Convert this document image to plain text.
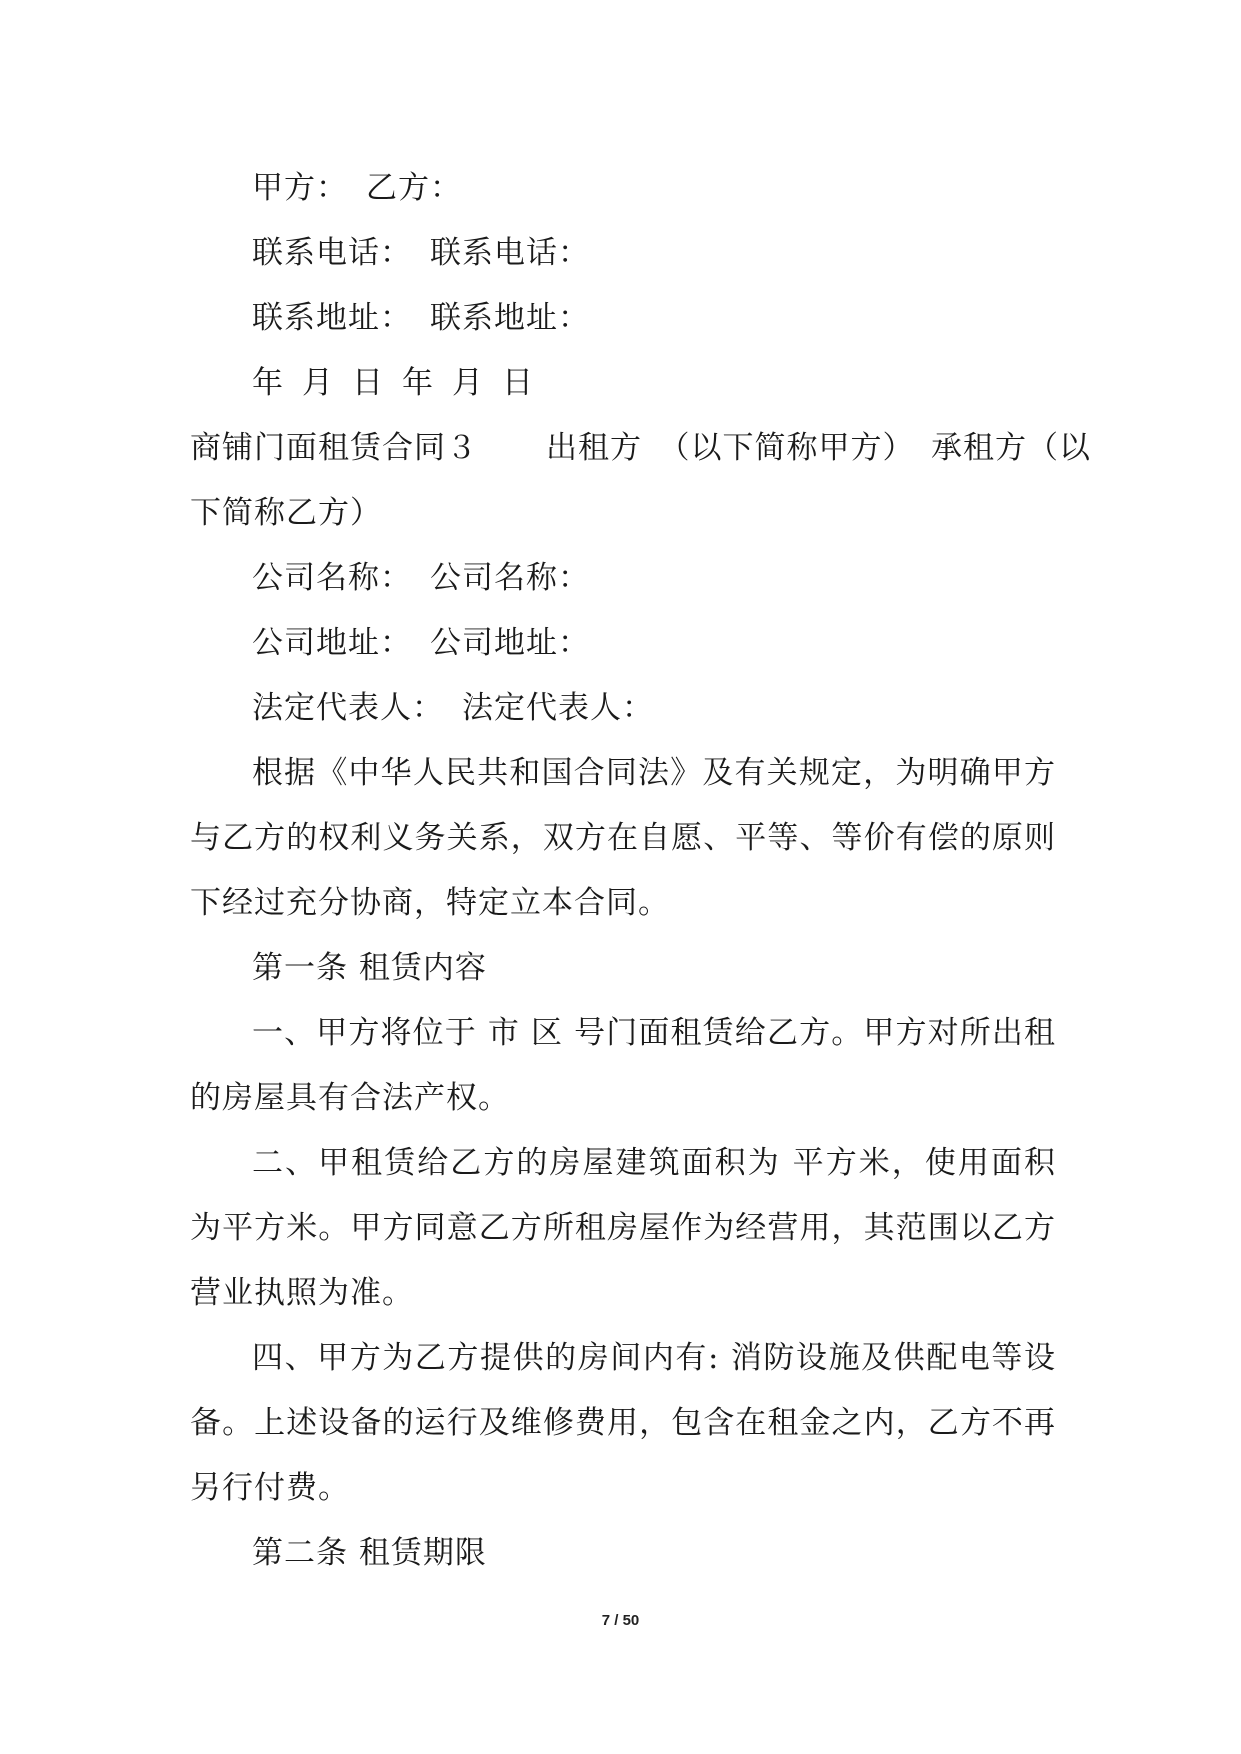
甲方： 乙方：
联系电话： 联系电话：
联系地址： 联系地址：
年 月 日 年 月 日
商铺门面租赁合同３ 出租方　（以下简称甲方）　承租方（以
下简称乙方）
公司名称： 公司名称：
公司地址： 公司地址：
法定代表人： 法定代表人：
根据《中华人民共和国合同法》及有关规定，为明确甲方与乙方的权利义务关系，双方在自愿、平等、等价有偿的原则下经过充分协商，特定立本合同。
第一条 租赁内容
一、甲方将位于 市 区 号门面租赁给乙方。甲方对所出租的房屋具有合法产权。
二、甲租赁给乙方的房屋建筑面积为 平方米，使用面积为平方米。甲方同意乙方所租房屋作为经营用，其范围以乙方营业执照为准。
四、甲方为乙方提供的房间内有: 消防设施及供配电等设备。上述设备的运行及维修费用，包含在租金之内，乙方不再另行付费。
第二条 租赁期限
7 / 50
